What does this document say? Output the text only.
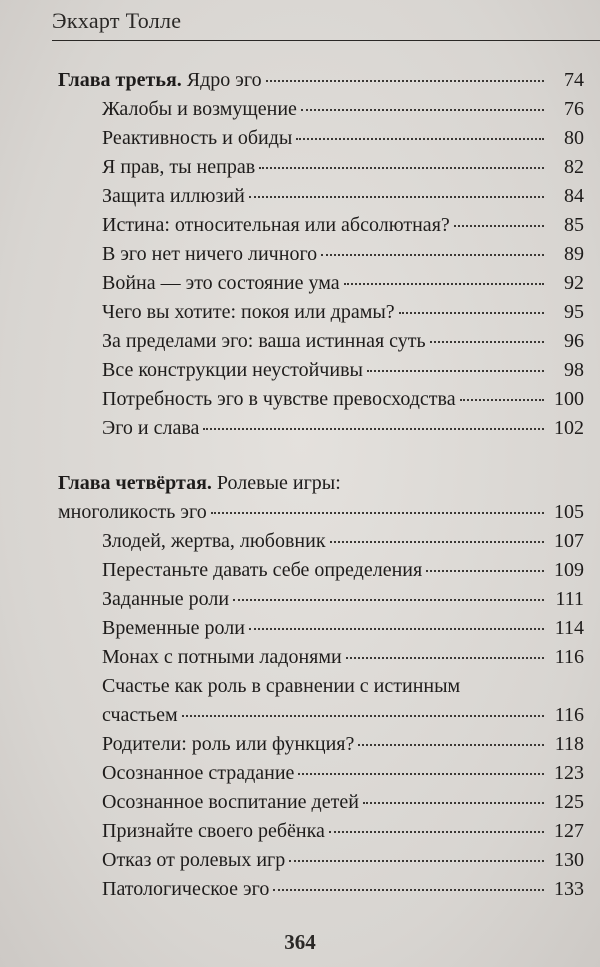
Экхарт Толле
Глава третья. Ядро эго	74
Жалобы и возмущение	76
Реактивность и обиды	80
Я прав, ты неправ	82
Защита иллюзий	84
Истина: относительная или абсолютная?	85
В эго нет ничего личного	89
Война — это состояние ума	92
Чего вы хотите: покоя или драмы?	95
За пределами эго: ваша истинная суть	96
Все конструкции неустойчивы	98
Потребность эго в чувстве превосходства	100
Эго и слава	102
Глава четвёртая. Ролевые игры:
многоликость эго	105
Злодей, жертва, любовник	107
Перестаньте давать себе определения	109
Заданные роли	111
Временные роли	114
Монах с потными ладонями	116
Счастье как роль в сравнении с истинным
счастьем	116
Родители: роль или функция?	118
Осознанное страдание	123
Осознанное воспитание детей	125
Признайте своего ребёнка	127
Отказ от ролевых игр	130
Патологическое эго	133
364
